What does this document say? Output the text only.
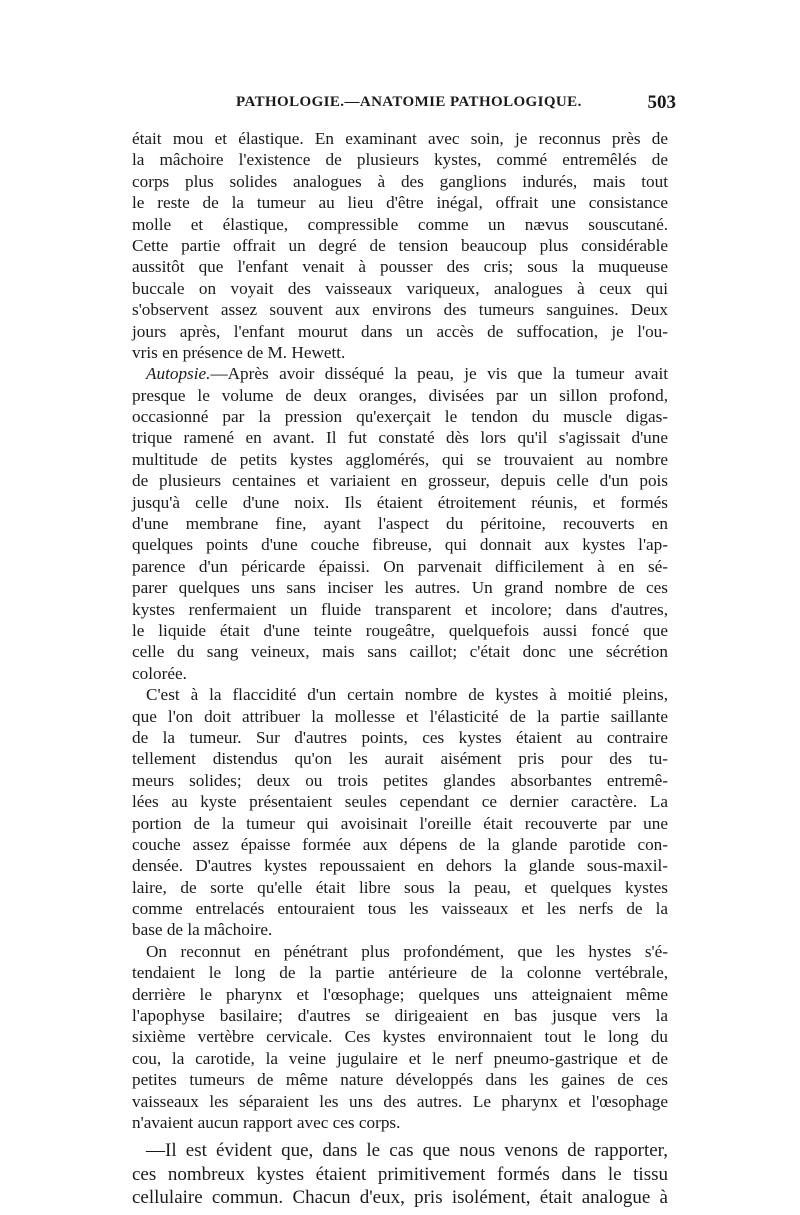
PATHOLOGIE.—ANATOMIE PATHOLOGIQUE.	503
était mou et élastique. En examinant avec soin, je reconnus près de
la mâchoire l'existence de plusieurs kystes, commé entremêlés de
corps plus solides analogues à des ganglions indurés, mais tout
le reste de la tumeur au lieu d'être inégal, offrait une consistance
molle et élastique, compressible comme un nævus souscutané.
Cette partie offrait un degré de tension beaucoup plus considérable
aussitôt que l'enfant venait à pousser des cris; sous la muqueuse
buccale on voyait des vaisseaux variqueux, analogues à ceux qui
s'observent assez souvent aux environs des tumeurs sanguines. Deux
jours après, l'enfant mourut dans un accès de suffocation, je l'ou-
vris en présence de M. Hewett.
Autopsie.—Après avoir disséqué la peau, je vis que la tumeur avait
presque le volume de deux oranges, divisées par un sillon profond,
occasionné par la pression qu'exerçait le tendon du muscle digas-
trique ramené en avant. Il fut constaté dès lors qu'il s'agissait d'une
multitude de petits kystes agglomérés, qui se trouvaient au nombre
de plusieurs centaines et variaient en grosseur, depuis celle d'un pois
jusqu'à celle d'une noix. Ils étaient étroitement réunis, et formés
d'une membrane fine, ayant l'aspect du péritoine, recouverts en
quelques points d'une couche fibreuse, qui donnait aux kystes l'ap-
parence d'un péricarde épaissi. On parvenait difficilement à en sé-
parer quelques uns sans inciser les autres. Un grand nombre de ces
kystes renfermaient un fluide transparent et incolore; dans d'autres,
le liquide était d'une teinte rougeâtre, quelquefois aussi foncé que
celle du sang veineux, mais sans caillot; c'était donc une sécrétion
colorée.
C'est à la flaccidité d'un certain nombre de kystes à moitié pleins,
que l'on doit attribuer la mollesse et l'élasticité de la partie saillante
de la tumeur. Sur d'autres points, ces kystes étaient au contraire
tellement distendus qu'on les aurait aisément pris pour des tu-
meurs solides; deux ou trois petites glandes absorbantes entremê-
lées au kyste présentaient seules cependant ce dernier caractère. La
portion de la tumeur qui avoisinait l'oreille était recouverte par une
couche assez épaisse formée aux dépens de la glande parotide con-
densée. D'autres kystes repoussaient en dehors la glande sous-maxil-
laire, de sorte qu'elle était libre sous la peau, et quelques kystes
comme entrelacés entouraient tous les vaisseaux et les nerfs de la
base de la mâchoire.
On reconnut en pénétrant plus profondément, que les hystes s'é-
tendaient le long de la partie antérieure de la colonne vertébrale,
derrière le pharynx et l'œsophage; quelques uns atteignaient même
l'apophyse basilaire; d'autres se dirigeaient en bas jusque vers la
sixième vertèbre cervicale. Ces kystes environnaient tout le long du
cou, la carotide, la veine jugulaire et le nerf pneumo-gastrique et de
petites tumeurs de même nature développés dans les gaines de ces
vaisseaux les séparaient les uns des autres. Le pharynx et l'œsophage
n'avaient aucun rapport avec ces corps.
—Il est évident que, dans le cas que nous venons de rapporter,
ces nombreux kystes étaient primitivement formés dans le tissu
cellulaire commun. Chacun d'eux, pris isolément, était analogue à
